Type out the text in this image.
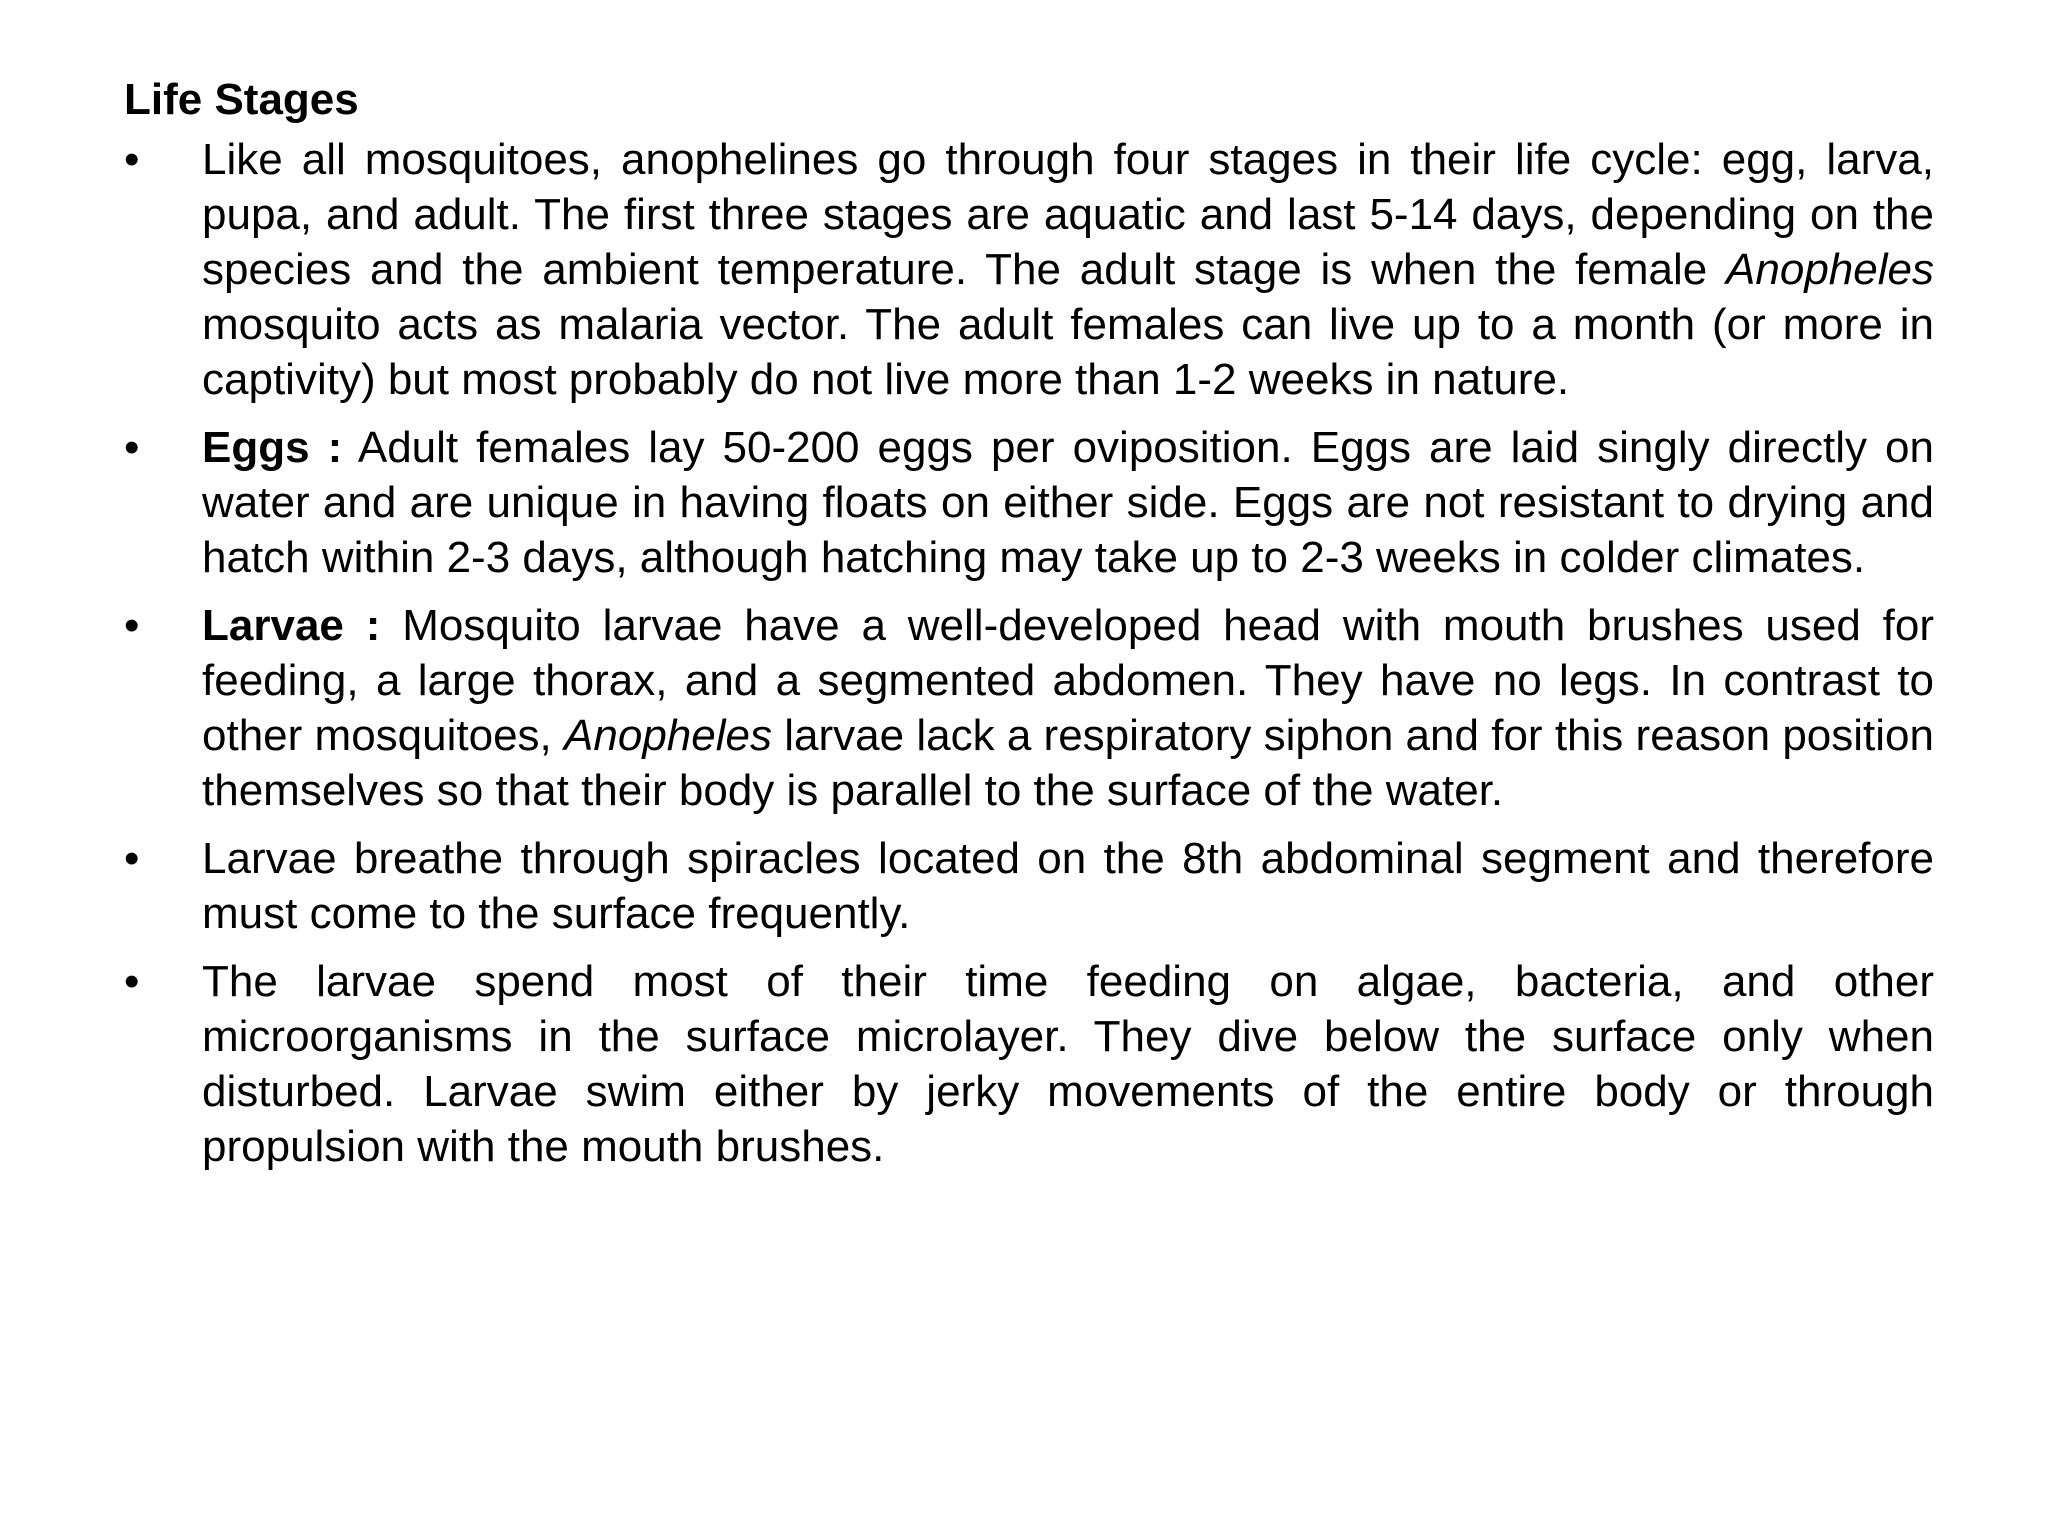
Life Stages
•	Like all mosquitoes, anophelines go through four stages in their life cycle: egg, larva, pupa, and adult. The first three stages are aquatic and last 5-14 days, depending on the species and the ambient temperature. The adult stage is when the female Anopheles mosquito acts as malaria vector. The adult females can live up to a month (or more in captivity) but most probably do not live more than 1-2 weeks in nature.
•	Eggs : Adult females lay 50-200 eggs per oviposition. Eggs are laid singly directly on water and are unique in having floats on either side. Eggs are not resistant to drying and hatch within 2-3 days, although hatching may take up to 2-3 weeks in colder climates.
•	Larvae : Mosquito larvae have a well-developed head with mouth brushes used for feeding, a large thorax, and a segmented abdomen. They have no legs. In contrast to other mosquitoes, Anopheles larvae lack a respiratory siphon and for this reason position themselves so that their body is parallel to the surface of the water.
•	Larvae breathe through spiracles located on the 8th abdominal segment and therefore must come to the surface frequently.
•	The larvae spend most of their time feeding on algae, bacteria, and other microorganisms in the surface microlayer. They dive below the surface only when disturbed. Larvae swim either by jerky movements of the entire body or through propulsion with the mouth brushes.
